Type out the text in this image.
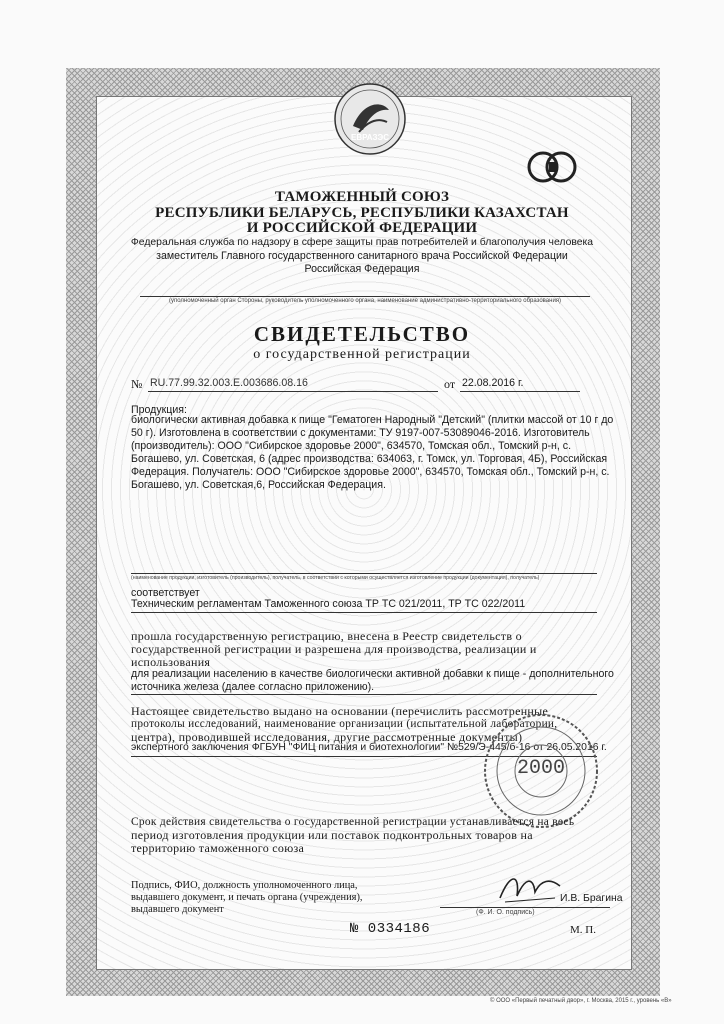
ЕВРАЗЭС
ТАМОЖЕННЫЙ СОЮЗ
РЕСПУБЛИКИ БЕЛАРУСЬ, РЕСПУБЛИКИ КАЗАХСТАН
И РОССИЙСКОЙ ФЕДЕРАЦИИ
Федеральная служба по надзору в сфере защиты прав потребителей и благополучия человека
заместитель Главного государственного санитарного врача Российской Федерации
Российская Федерация
(уполномоченный орган Стороны, руководитель уполномоченного органа, наименование административно-территориального образования)
СВИДЕТЕЛЬСТВО
о государственной регистрации
№ RU.77.99.32.003.E.003686.08.16	от 22.08.2016 г.
Продукция:
биологически активная добавка к пище "Гематоген Народный "Детский" (плитки массой от 10 г до
50 г). Изготовлена в соответствии с документами: ТУ 9197-007-53089046-2016. Изготовитель
(производитель): ООО "Сибирское здоровье 2000", 634570, Томская обл., Томский р-н, с.
Богашево, ул. Советская, 6 (адрес производства: 634063, г. Томск, ул. Торговая, 4Б), Российская
Федерация. Получатель: ООО "Сибирское здоровье 2000", 634570, Томская обл., Томский р-н, с.
Богашево, ул. Советская,6, Российская Федерация.
(наименование продукции, изготовитель (производитель), получатель, в соответствии с которыми осуществляется изготовление продукции (документация), получатель)
соответствует
Техническим регламентам Таможенного союза ТР ТС 021/2011, ТР ТС 022/2011
прошла государственную регистрацию, внесена в Реестр свидетельств о
государственной регистрации и разрешена для производства, реализации и
использования
для реализации населению в качестве биологически активной добавки к пище - дополнительного
источника железа (далее согласно приложению).
Настоящее свидетельство выдано на основании (перечислить рассмотренные
протоколы исследований, наименование организации (испытательной лаборатории,
центра), проводившей исследования, другие рассмотренные документы)
экспертного заключения ФГБУН "ФИЦ питания и биотехнологии" №529/Э-445/б-16 от 26.05.2016 г.
2000
Срок действия свидетельства о государственной регистрации устанавливается на весь
период изготовления продукции или поставок подконтрольных товаров на
территорию таможенного союза
Подпись, ФИО, должность уполномоченного лица,
выдавшего документ, и печать органа (учреждения),
выдавшего документ
И.В. Брагина
(Ф. И. О. подпись)
№ 0334186	М. П.
© ООО «Первый печатный двор», г. Москва, 2015 г., уровень «В»
